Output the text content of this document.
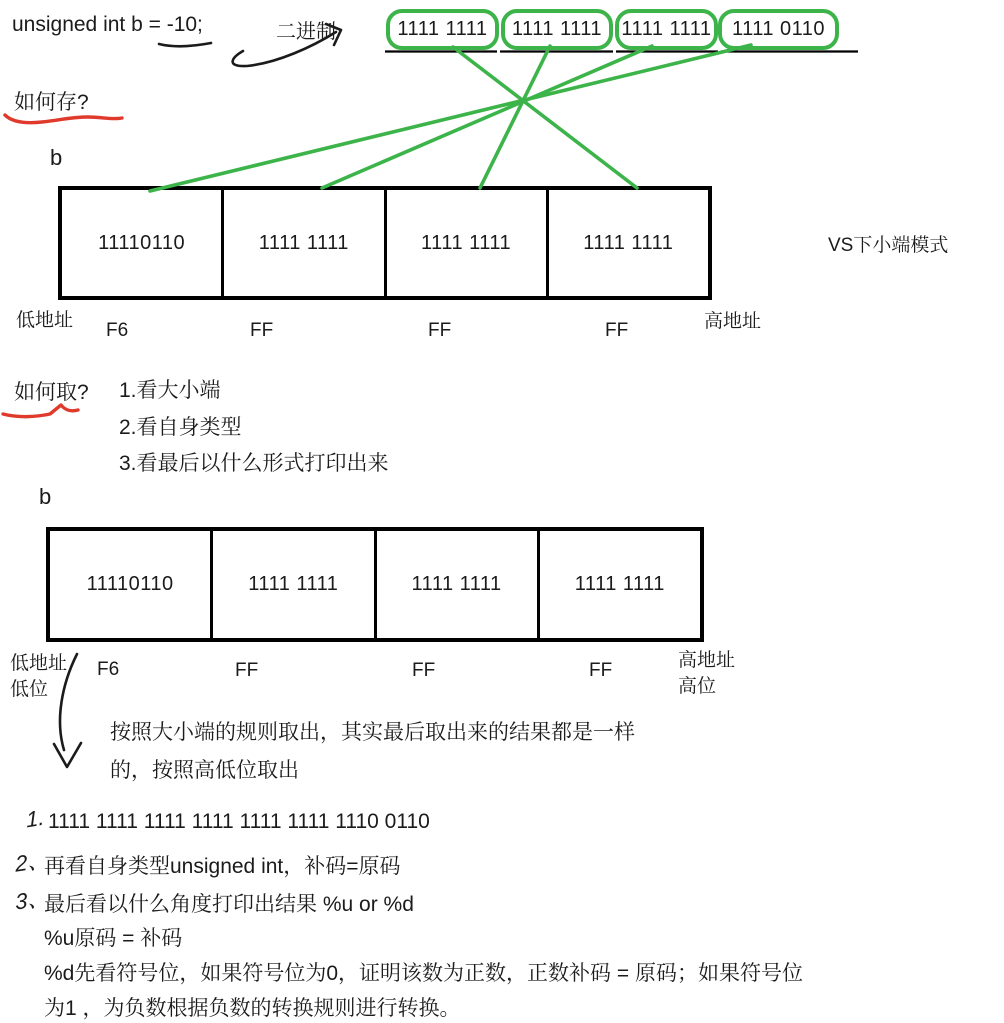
unsigned int b = -10;	二进制	1111 1111 1111 1111 1111 1111 1111 0110
如何存?
b
11110110	1111 1111	1111 1111	1111 1111
低地址 F6	FF	FF	FF	高地址
VS下小端模式
如何取? 1.看大小端
2.看自身类型
3.看最后以什么形式打印出来
b
11110110	1111 1111	1111 1111	1111 1111
低地址
低位
F6	FF	FF	FF	高地址
高位
按照大小端的规则取出，其实最后取出来的结果都是一样
的，按照高低位取出
1. 1111 1111 1111 1111 1111 1111 1110 0110
2、
再看自身类型unsigned int，补码=原码
3、
最后看以什么角度打印出结果 %u or %d
%u原码 = 补码
%d先看符号位，如果符号位为0，证明该数为正数，正数补码 = 原码；如果符号位
为1 ，为负数根据负数的转换规则进行转换。
